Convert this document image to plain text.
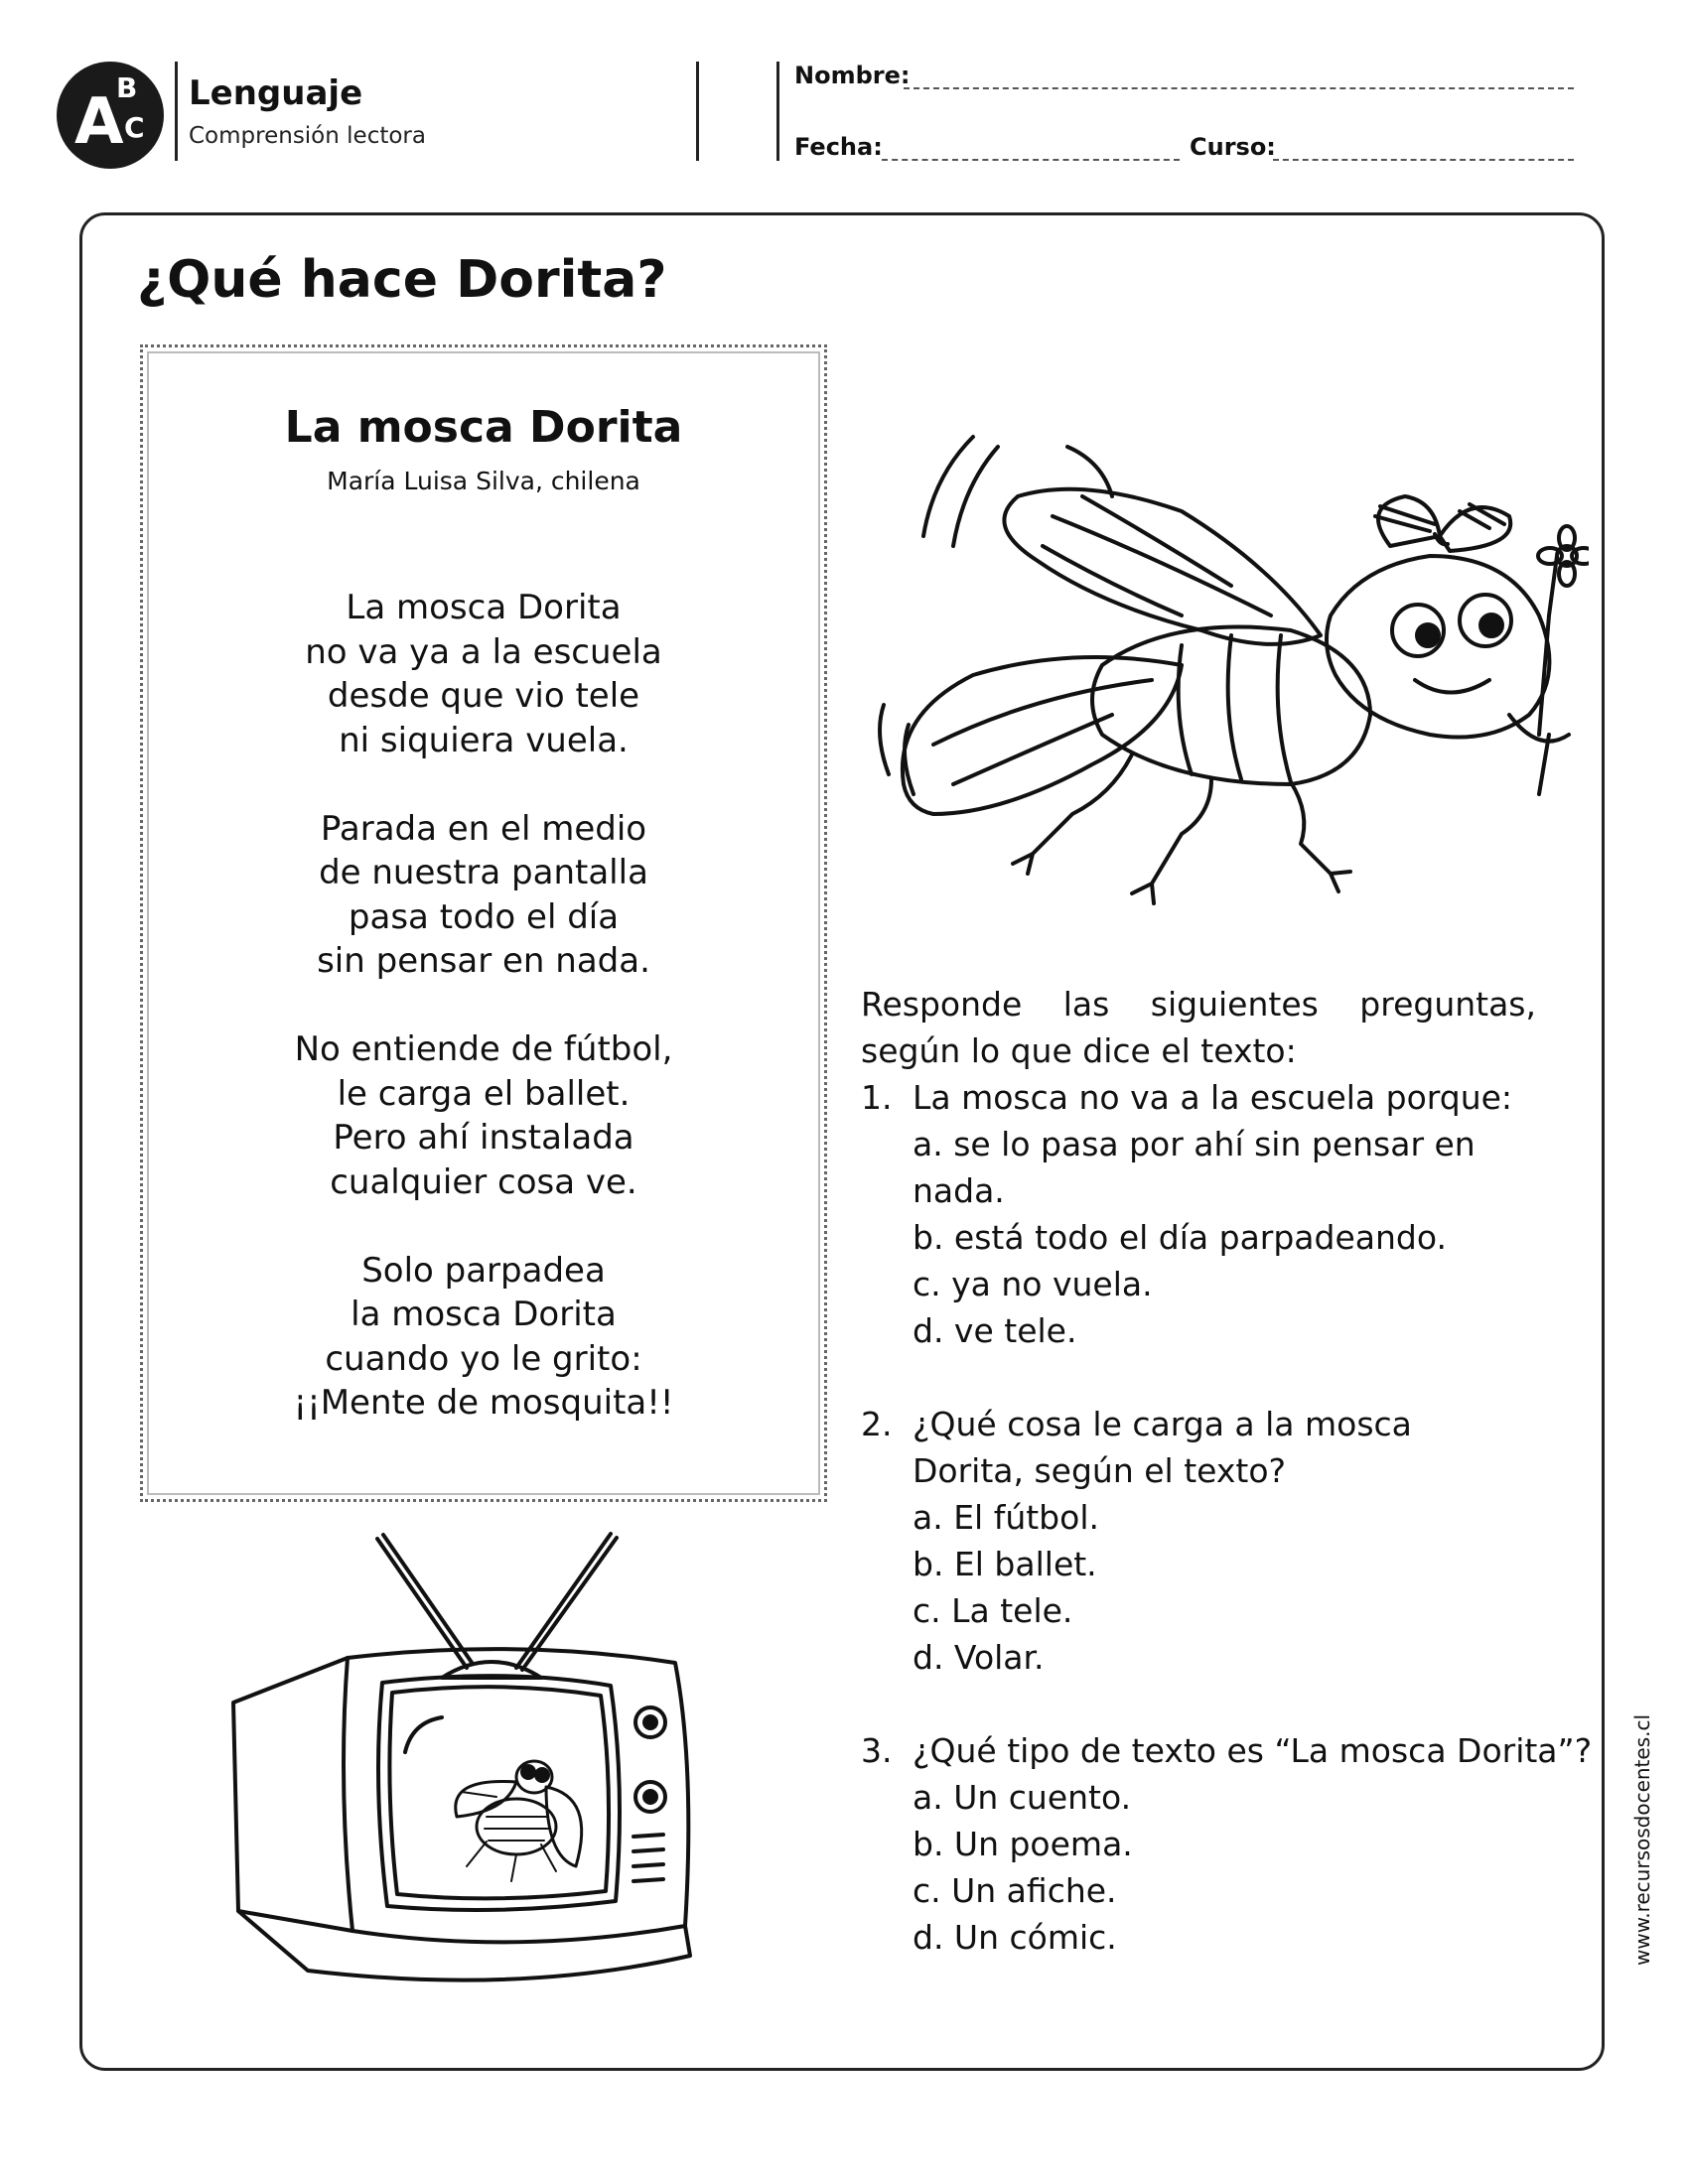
A
B
C
Lenguaje
Comprensión lectora
Nombre:
Fecha:	Curso:
¿Qué hace Dorita?
La mosca Dorita
María Luisa Silva, chilena
La mosca Dorita
no va ya a la escuela
desde que vio tele
ni siquiera vuela.
Parada en el medio
de nuestra pantalla
pasa todo el día
sin pensar en nada.
No entiende de fútbol,
le carga el ballet.
Pero ahí instalada
cualquier cosa ve.
Solo parpadea
la mosca Dorita
cuando yo le grito:
¡¡Mente de mosquita!!

Responde las siguientes preguntas, según lo que dice el texto:

1. La mosca no va a la escuela porque:
a. se lo pasa por ahí sin pensar en nada.
b. está todo el día parpadeando.
c. ya no vuela.
d. ve tele.
2. ¿Qué cosa le carga a la mosca Dorita, según el texto?
a. El fútbol.
b. El ballet.
c. La tele.
d. Volar.
3. ¿Qué tipo de texto es “La mosca Dorita”?
a. Un cuento.
b. Un poema.
c. Un afiche.
d. Un cómic.	www.recursosdocentes.cl
